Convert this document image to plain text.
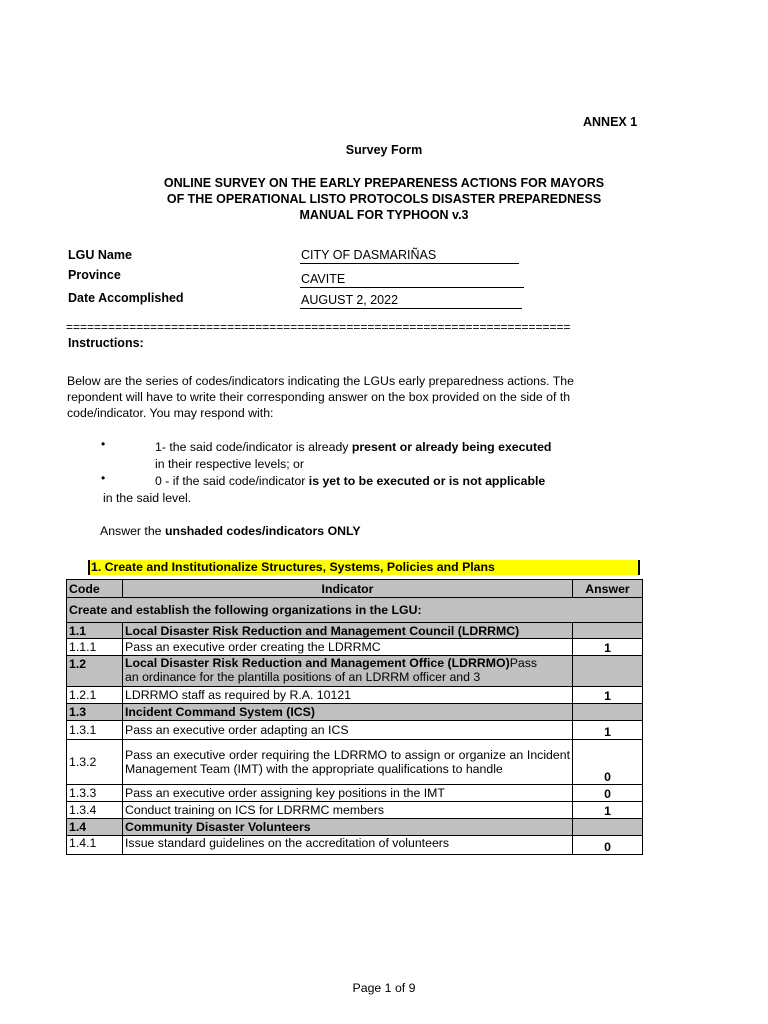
ANNEX 1
Survey Form
ONLINE SURVEY ON THE EARLY PREPARENESS ACTIONS FOR MAYORS
OF THE OPERATIONAL LISTO PROTOCOLS DISASTER PREPAREDNESS
MANUAL FOR TYPHOON v.3
LGU Name	CITY OF DASMARIÑAS
Province	CAVITE
Date Accomplished	AUGUST 2, 2022
========================================================================
Instructions:
Below are the series of codes/indicators indicating the LGUs early preparedness actions. The repondent will have to write their corresponding answer on the box provided on the side of th code/indicator. You may respond with:
•	1- the said code/indicator is already present or already being executed
in their respective levels; or
•	0 - if the said code/indicator is yet to be executed or is not applicable
in the said level.
Answer the unshaded codes/indicators ONLY
1. Create and Institutionalize Structures, Systems, Policies and Plans
Code	Indicator	Answer
Create and establish the following organizations in the LGU:		
1.1	Local Disaster Risk Reduction and Management Council (LDRRMC)	
1.1.1	Pass an executive order creating the LDRRMC	1
1.2	Local Disaster Risk Reduction and Management Office (LDRRMO)Pass
an ordinance for the plantilla positions of an LDRRM officer and 3	
1.2.1	LDRRMO staff as required by R.A. 10121	1
1.3	Incident Command System (ICS)	
1.3.1	Pass an executive order adapting an ICS	1
1.3.2	Pass an executive order requiring the LDRRMO to assign or organize an Incident Management Team (IMT) with the appropriate qualifications to handle	0
1.3.3	Pass an executive order assigning key positions in the IMT	0
1.3.4	Conduct training on ICS for LDRRMC members	1
1.4	Community Disaster Volunteers	
1.4.1	Issue standard guidelines on the accreditation of volunteers	0
Page 1 of 9
